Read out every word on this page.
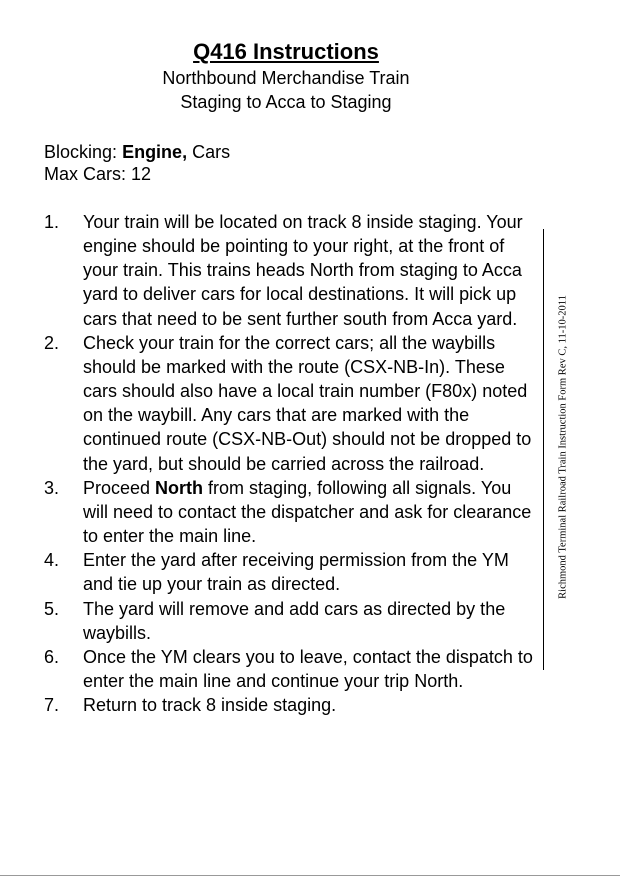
Q416 Instructions
Northbound Merchandise Train
Staging to Acca to Staging
Blocking: Engine, Cars
Max Cars: 12
1. Your train will be located on track 8 inside staging. Your engine should be pointing to your right, at the front of your train. This trains heads North from staging to Acca yard to deliver cars for local destinations. It will pick up cars that need to be sent further south from Acca yard.
2. Check your train for the correct cars; all the waybills should be marked with the route (CSX-NB-In). These cars should also have a local train number (F80x) noted on the waybill. Any cars that are marked with the continued route (CSX-NB-Out) should not be dropped to the yard, but should be carried across the railroad.
3. Proceed North from staging, following all signals. You will need to contact the dispatcher and ask for clearance to enter the main line.
4. Enter the yard after receiving permission from the YM and tie up your train as directed.
5. The yard will remove and add cars as directed by the waybills.
6. Once the YM clears you to leave, contact the dispatch to enter the main line and continue your trip North.
7. Return to track 8 inside staging.
Richmond Terminal Railroad Train Instruction Form Rev C, 11-10-2011
